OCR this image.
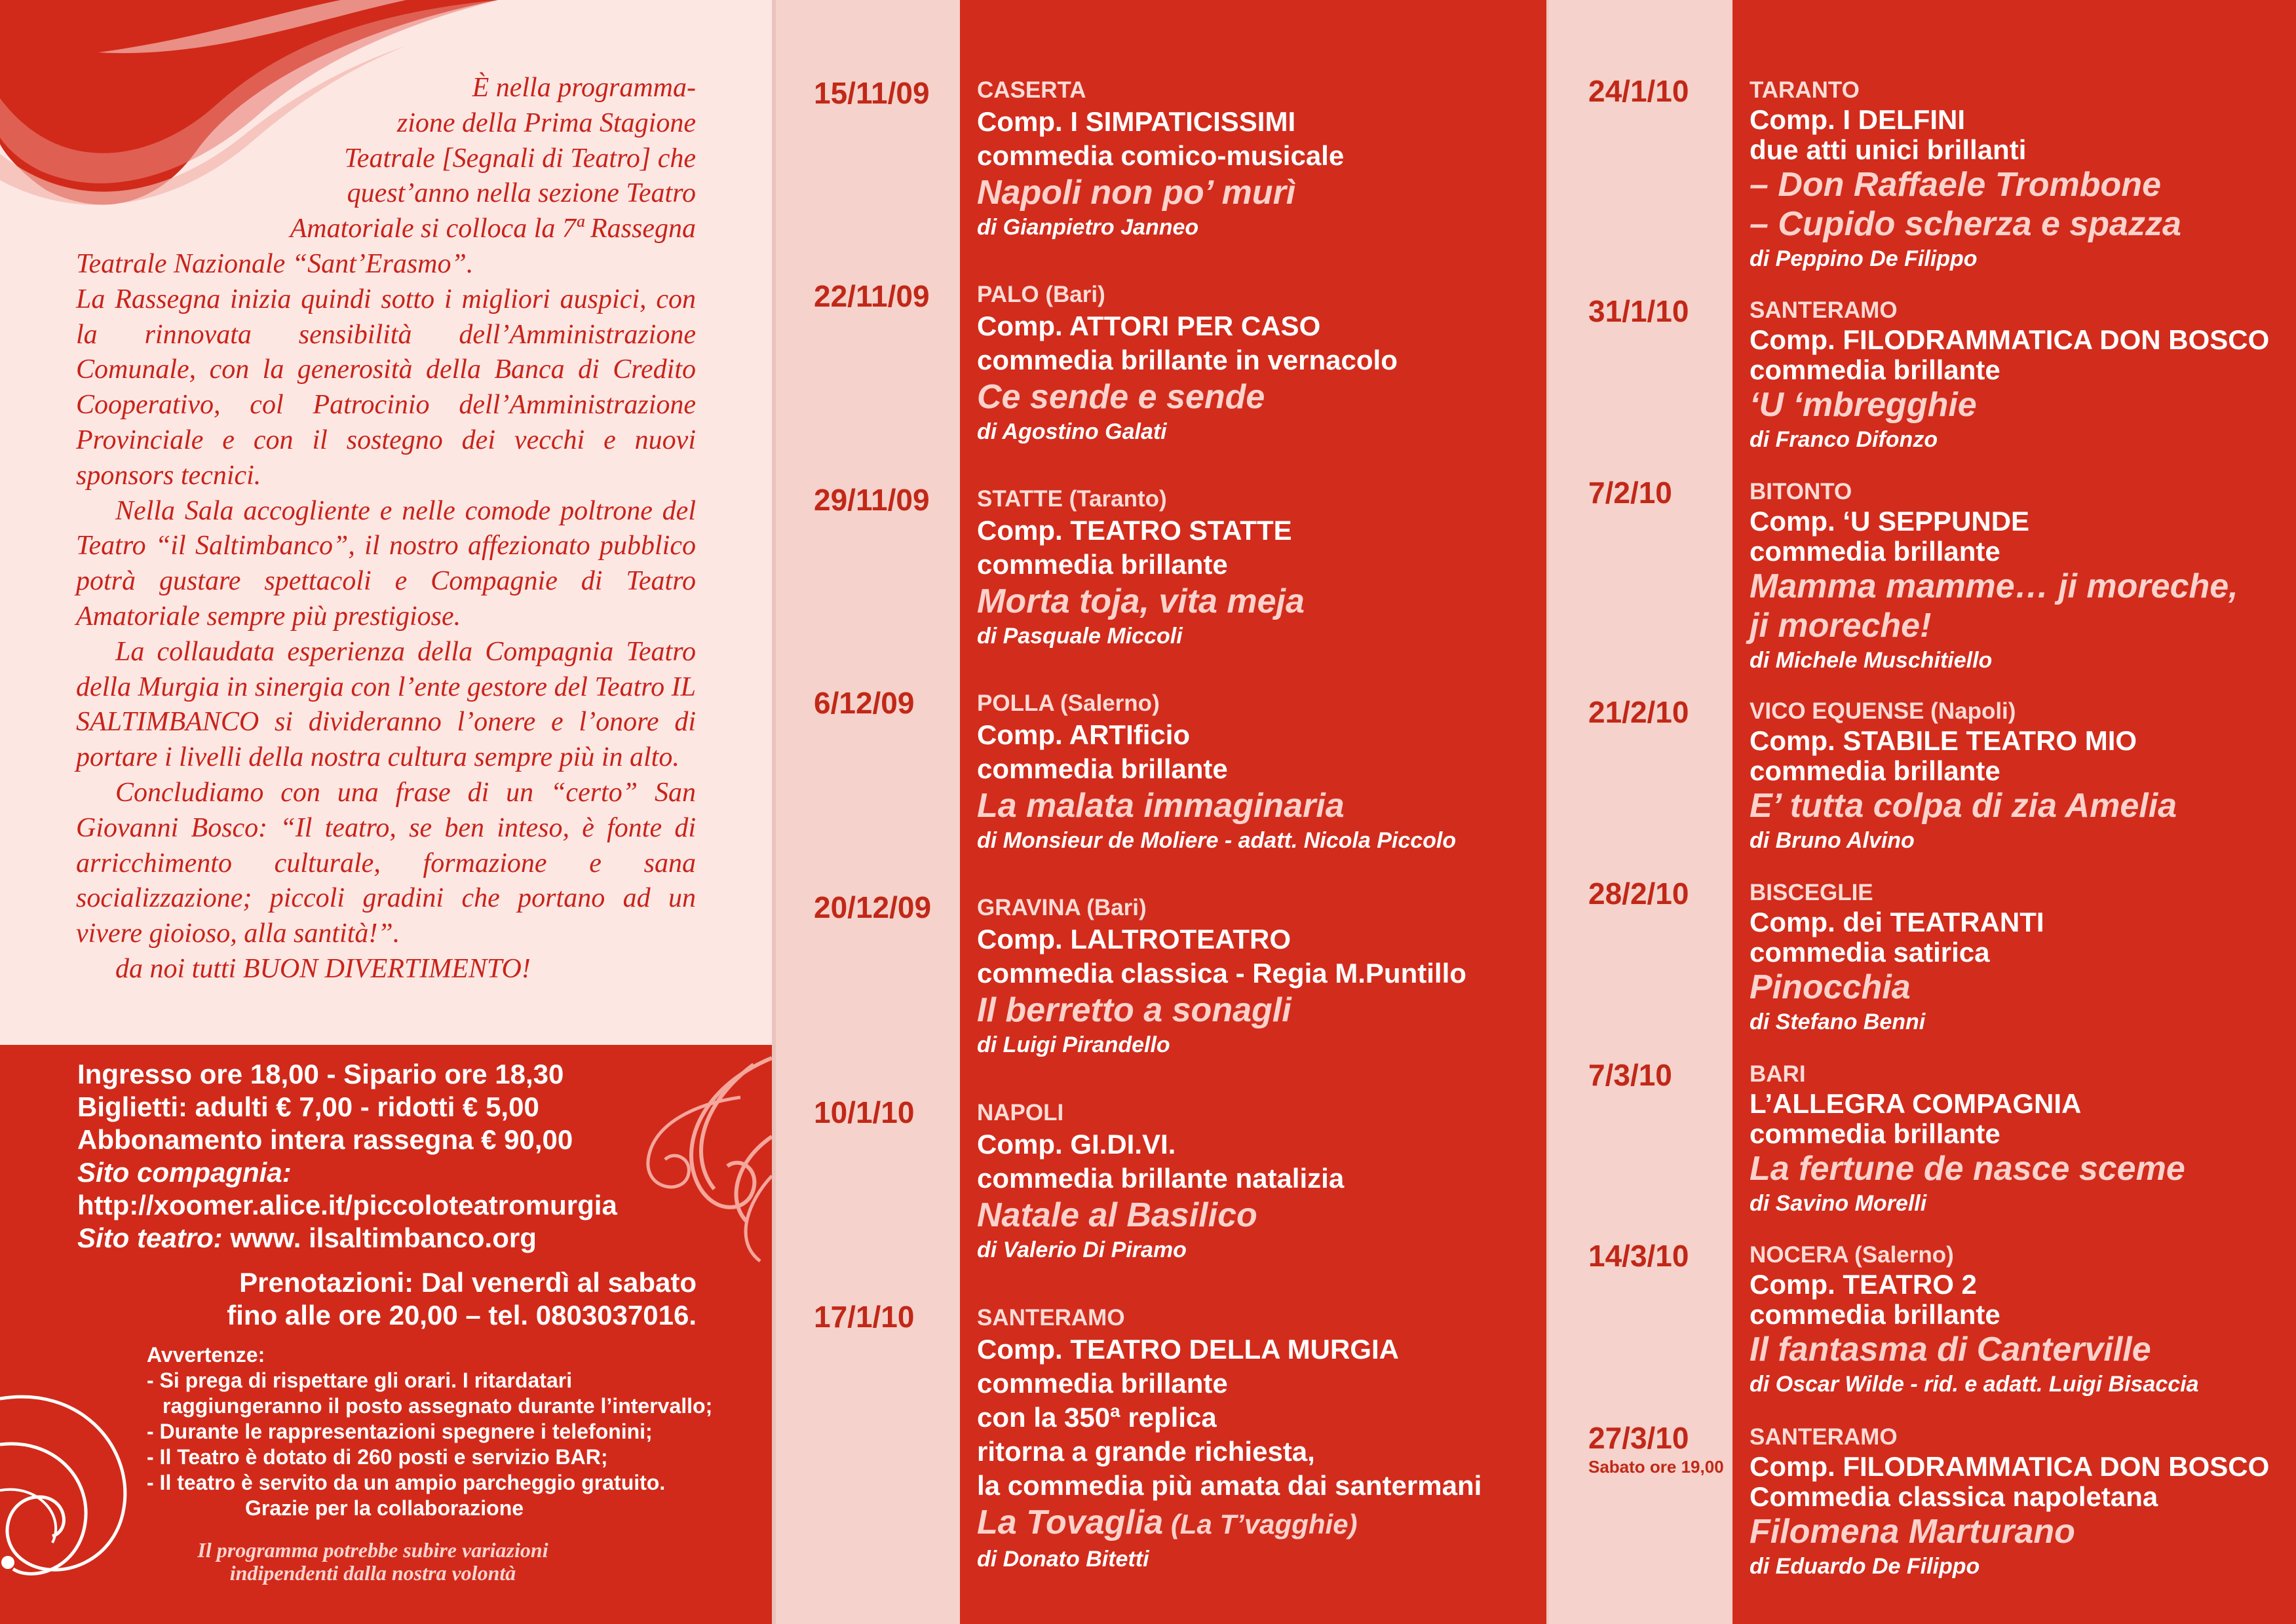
È nella programma-

zione della Prima Stagione

Teatrale [Segnali di Teatro] che

quest’anno nella sezione Teatro

Amatoriale si colloca la 7ª Rassegna

Teatrale Nazionale “Sant’Erasmo”.

La Rassegna inizia quindi sotto i migliori auspici, con la rinnovata sensibilità dell’Amministrazione Comunale, con la generosità della Banca di Credito Cooperativo, col Patrocinio dell’Amministrazione Provinciale e con il sostegno dei vecchi e nuovi sponsors tecnici.

Nella Sala accogliente e nelle comode poltrone del Teatro “il Saltimbanco”, il nostro affezionato pubblico potrà gustare spettacoli e Compagnie di Teatro Amatoriale sempre più prestigiose.

La collaudata esperienza della Compagnia Teatro della Murgia in sinergia con l’ente gestore del Teatro IL SALTIMBANCO si divideranno l’onere e l’onore di portare i livelli della nostra cultura sempre più in alto.

Concludiamo con una frase di un “certo” San Giovanni Bosco: “Il teatro, se ben inteso, è fonte di arricchimento culturale, formazione e sana socializzazione; piccoli gradini che portano ad un vivere gioioso, alla santità!”.

da noi tutti BUON DIVERTIMENTO!

Ingresso ore 18,00 - Sipario ore 18,30
Biglietti: adulti € 7,00 - ridotti € 5,00
Abbonamento intera rassegna € 90,00
Sito compagnia:
http://xoomer.alice.it/piccoloteatromurgia
Sito teatro: www. ilsaltimbanco.org
Prenotazioni: Dal venerdì al sabato
fino alle ore 20,00 – tel. 0803037016.
Avvertenze:
- Si prega di rispettare gli orari. I ritardatari
raggiungeranno il posto assegnato durante l’intervallo;
- Durante le rappresentazioni spegnere i telefonini;
- Il Teatro è dotato di 260 posti e servizio BAR;
- Il teatro è servito da un ampio parcheggio gratuito.
Grazie per la collaborazione
Il programma potrebbe subire variazioni
indipendenti dalla nostra volontà
15/11/09
22/11/09
29/11/09
6/12/09
20/12/09
10/1/10
17/1/10
CASERTA
Comp. I SIMPATICISSIMI
commedia comico-musicale
Napoli non po’ murì
di Gianpietro Janneo
PALO (Bari)
Comp. ATTORI PER CASO
commedia brillante in vernacolo
Ce sende e sende
di Agostino Galati
STATTE (Taranto)
Comp. TEATRO STATTE
commedia brillante
Morta toja, vita meja
di Pasquale Miccoli
POLLA (Salerno)
Comp. ARTIficio
commedia brillante
La malata immaginaria
di Monsieur de Moliere - adatt. Nicola Piccolo
GRAVINA (Bari)
Comp. LALTROTEATRO
commedia classica - Regia M.Puntillo
Il berretto a sonagli
di Luigi Pirandello
NAPOLI
Comp. GI.DI.VI.
commedia brillante natalizia
Natale al Basilico
di Valerio Di Piramo
SANTERAMO
Comp. TEATRO DELLA MURGIA
commedia brillante
con la 350ª replica
ritorna a grande richiesta,
la commedia più amata dai santermani
La Tovaglia (La T’vagghie)
di Donato Bitetti
24/1/10
31/1/10
7/2/10
21/2/10
28/2/10
7/3/10
14/3/10
27/3/10
Sabato ore 19,00
TARANTO
Comp. I DELFINI
due atti unici brillanti
– Don Raffaele Trombone
– Cupido scherza e spazza
di Peppino De Filippo
SANTERAMO
Comp. FILODRAMMATICA DON BOSCO
commedia brillante
‘U ‘mbregghie
di Franco Difonzo
BITONTO
Comp. ‘U SEPPUNDE
commedia brillante
Mamma mamme… ji moreche,
ji moreche!
di Michele Muschitiello
VICO EQUENSE (Napoli)
Comp. STABILE TEATRO MIO
commedia brillante
E’ tutta colpa di zia Amelia
di Bruno Alvino
BISCEGLIE
Comp. dei TEATRANTI
commedia satirica
Pinocchia
di Stefano Benni
BARI
L’ALLEGRA COMPAGNIA
commedia brillante
La fertune de nasce sceme
di Savino Morelli
NOCERA (Salerno)
Comp. TEATRO 2
commedia brillante
Il fantasma di Canterville
di Oscar Wilde - rid. e adatt. Luigi Bisaccia
SANTERAMO
Comp. FILODRAMMATICA DON BOSCO
Commedia classica napoletana
Filomena Marturano
di Eduardo De Filippo
